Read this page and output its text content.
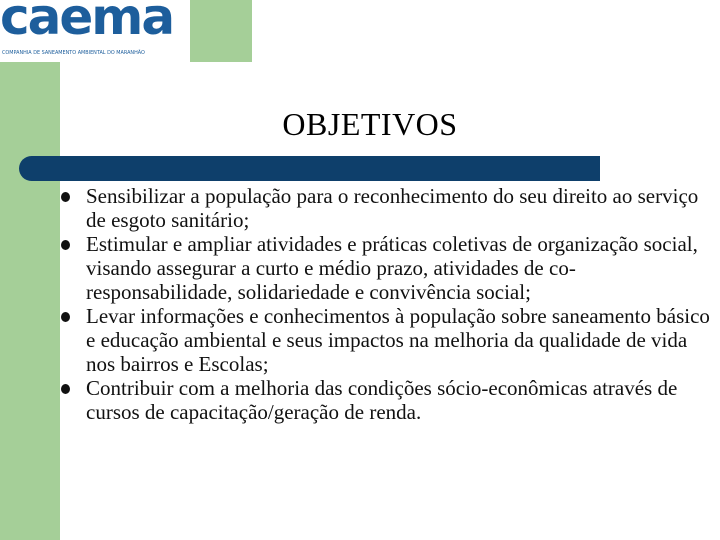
caema
COMPANHIA DE SANEAMENTO AMBIENTAL DO MARANHÃO
OBJETIVOS
Sensibilizar a população para o reconhecimento do seu direito ao serviço de esgoto sanitário;
Estimular e ampliar atividades e práticas coletivas de organização social, visando assegurar a curto e médio prazo, atividades de co-responsabilidade, solidariedade e convivência social;
Levar informações e conhecimentos à população sobre saneamento básico e educação ambiental e seus impactos na melhoria da qualidade de vida nos bairros e Escolas;
Contribuir com a melhoria das condições sócio-econômicas através de cursos de capacitação/geração de renda.
